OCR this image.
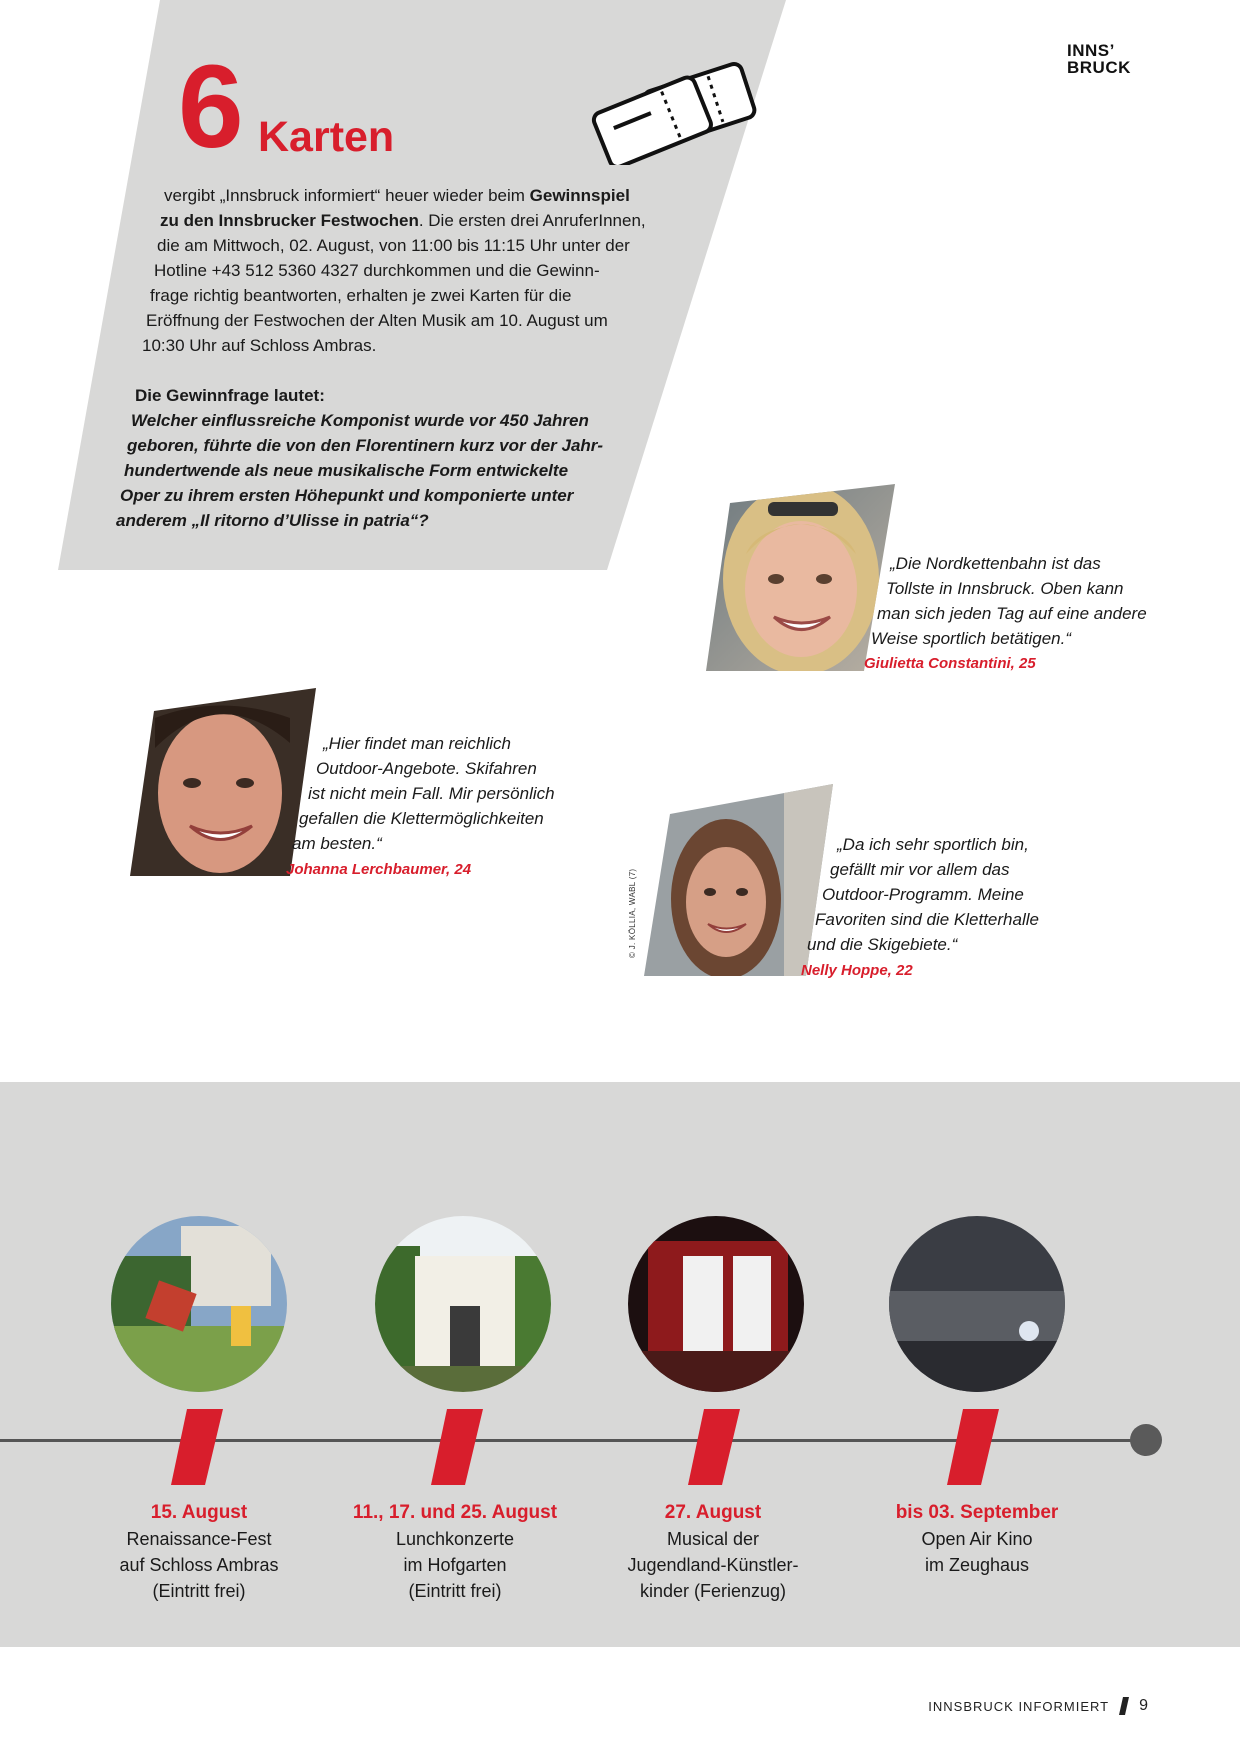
INNS’
BRUCK
6 Karten
vergibt „Innsbruck informiert“ heuer wieder beim Gewinnspiel
zu den Innsbrucker Festwochen. Die ersten drei AnruferInnen,
die am Mittwoch, 02. August, von 11:00 bis 11:15 Uhr unter der
Hotline +43 512 5360 4327 durchkommen und die Gewinn-
frage richtig beantworten, erhalten je zwei Karten für die
Eröffnung der Festwochen der Alten Musik am 10. August um
10:30 Uhr auf Schloss Ambras.
Die Gewinnfrage lautet:
Welcher einflussreiche Komponist wurde vor 450 Jahren
geboren, führte die von den Florentinern kurz vor der Jahr-
hundertwende als neue musikalische Form entwickelte
Oper zu ihrem ersten Höhepunkt und komponierte unter
anderem „Il ritorno d’Ulisse in patria“?
„Die Nordkettenbahn ist das
Tollste in Innsbruck. Oben kann
man sich jeden Tag auf eine andere
Weise sportlich betätigen.“
Giulietta Constantini, 25
„Hier findet man reichlich
Outdoor-Angebote. Skifahren
ist nicht mein Fall. Mir persönlich
gefallen die Klettermöglichkeiten
am besten.“
Johanna Lerchbaumer, 24	© J. KÖLLIA, WABL (7)
„Da ich sehr sportlich bin,
gefällt mir vor allem das
Outdoor-Programm. Meine
Favoriten sind die Kletterhalle
und die Skigebiete.“
Nelly Hoppe, 22
15. August
Renaissance-Fest
auf Schloss Ambras
(Eintritt frei)
11., 17. und 25. August
Lunchkonzerte
im Hofgarten
(Eintritt frei)
27. August
Musical der
Jugendland-Künstler-
kinder (Ferienzug)
bis 03. September
Open Air Kino
im Zeughaus
INNSBRUCK INFORMIERT 9
